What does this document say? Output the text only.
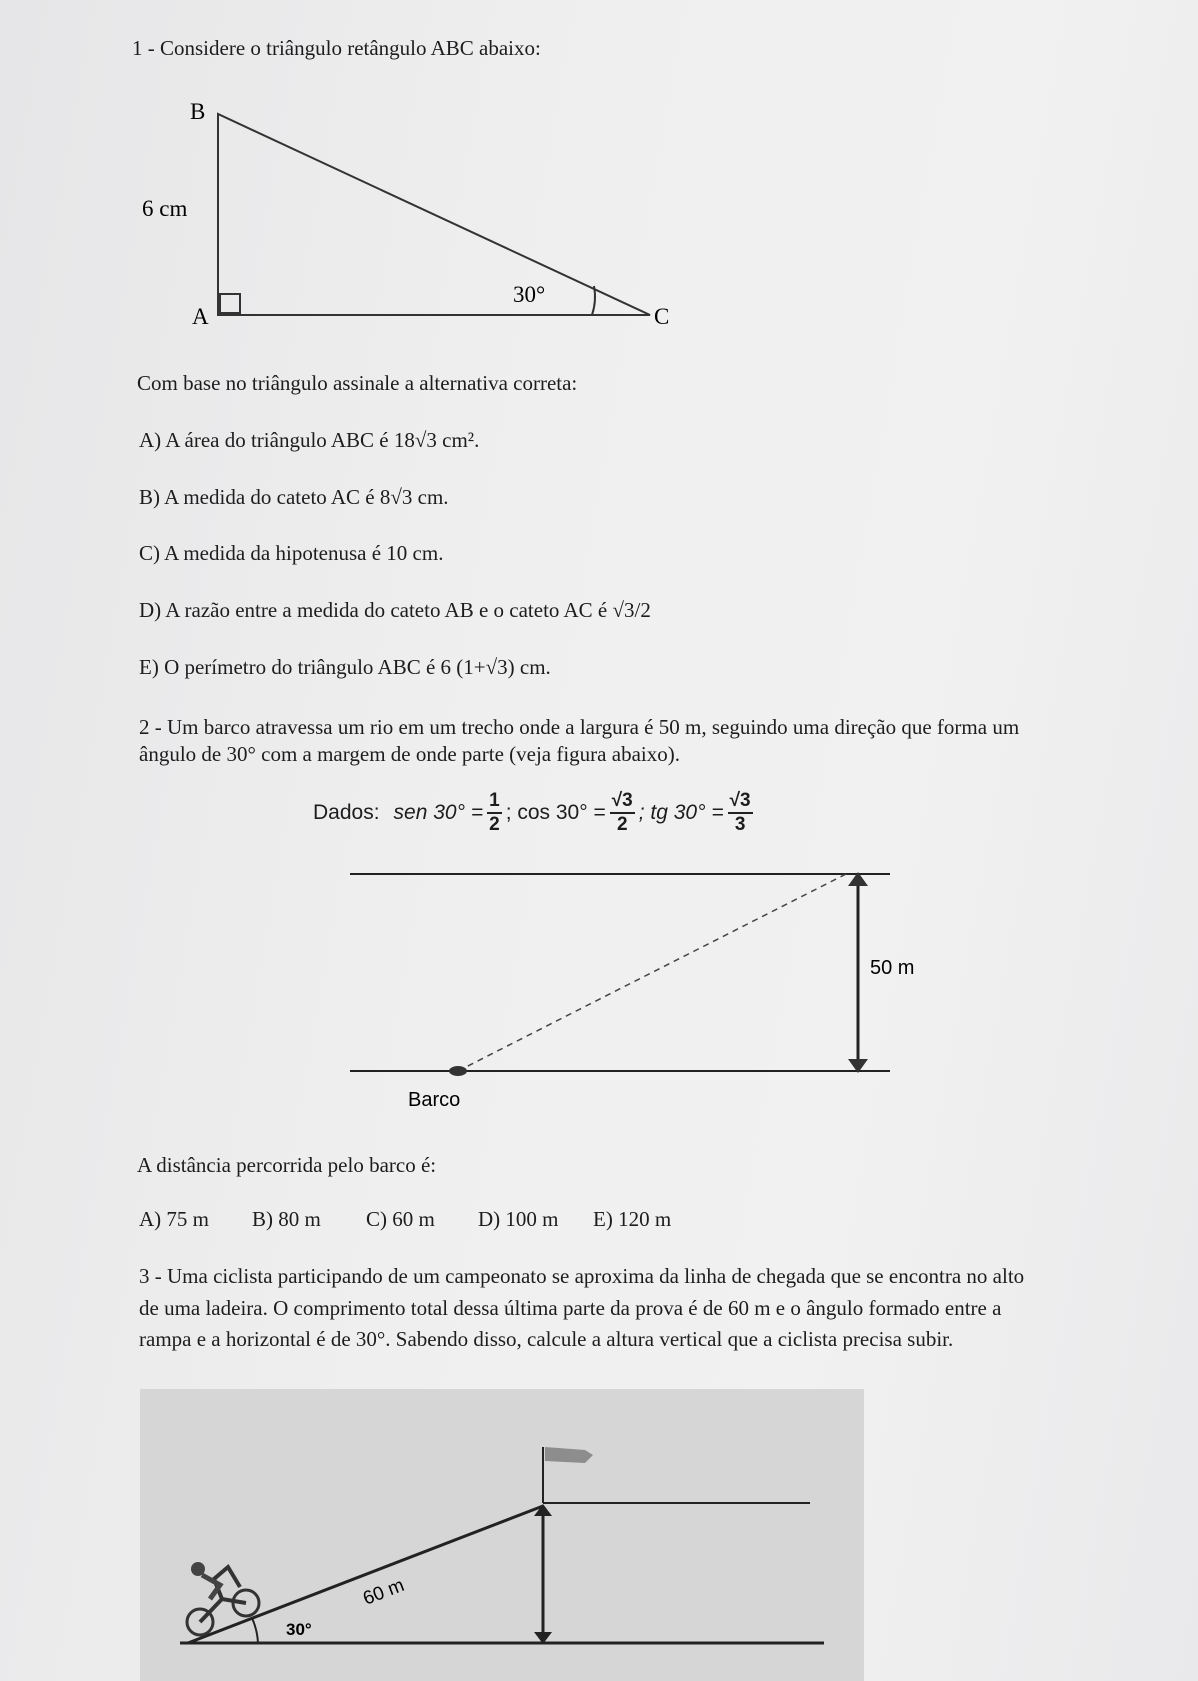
1 - Considere o triângulo retângulo ABC abaixo:
B
6 cm
A
30°
C
Com base no triângulo assinale a alternativa correta:
A) A área do triângulo ABC é 18√3 cm².
B) A medida do cateto AC é 8√3 cm.
C) A medida da hipotenusa é 10 cm.
D) A razão entre a medida do cateto AB e o cateto AC é √3/2
E) O perímetro do triângulo ABC é 6 (1+√3) cm.
2 - Um barco atravessa um rio em um trecho onde a largura é 50 m, seguindo uma direção que forma um
ângulo de 30° com a margem de onde parte (veja figura abaixo).
Dados: sen $30^\circ = \frac{1}{2}$ ; $\cos 30^\circ = \frac{√3}{2}$ ; tg $30^\circ = \frac{√3}{3}$
50 m
Barco
A distância percorrida pelo barco é:
A) 75 m B) 80 m C) 60 m D) 100 m E) 120 m
3 - Uma ciclista participando de um campeonato se aproxima da linha de chegada que se encontra no alto
de uma ladeira. O comprimento total dessa última parte da prova é de 60 m e o ângulo formado entre a
rampa e a horizontal é de 30°. Sabendo disso, calcule a altura vertical que a ciclista precisa subir.
60 m
30°
